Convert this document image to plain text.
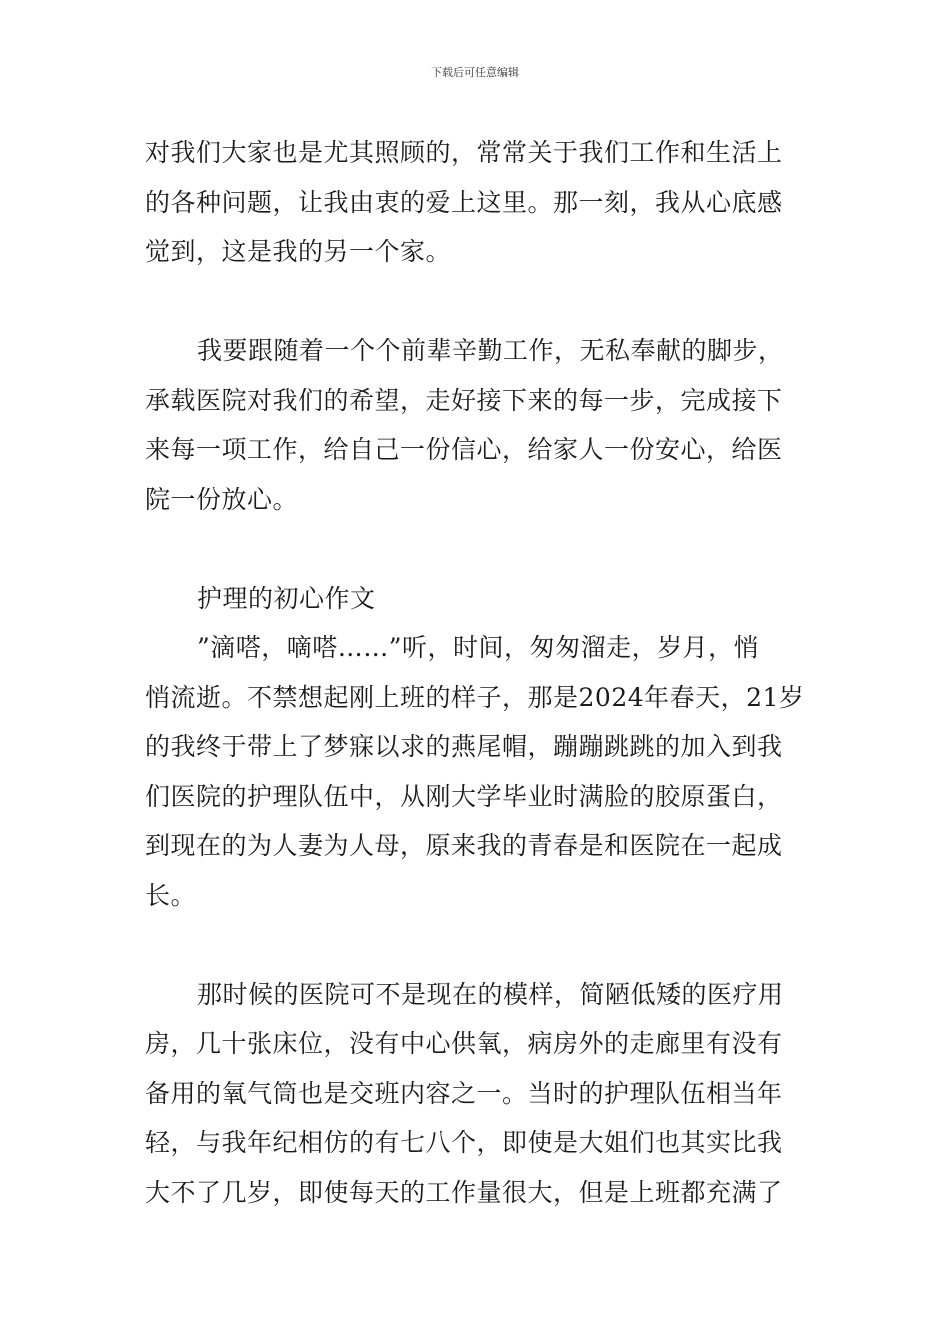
下载后可任意编辑
对我们大家也是尤其照顾的，常常关于我们工作和生活上
的各种问题，让我由衷的爱上这里。那一刻，我从心底感
觉到，这是我的另一个家。
我要跟随着一个个前辈辛勤工作，无私奉献的脚步，
承载医院对我们的希望，走好接下来的每一步，完成接下
来每一项工作，给自己一份信心，给家人一份安心，给医
院一份放心。
护理的初心作文
”滴嗒，嘀嗒……”听，时间，匆匆溜走，岁月，悄
悄流逝。不禁想起刚上班的样子，那是2024年春天，21岁
的我终于带上了梦寐以求的燕尾帽，蹦蹦跳跳的加入到我
们医院的护理队伍中，从刚大学毕业时满脸的胶原蛋白，
到现在的为人妻为人母，原来我的青春是和医院在一起成
长。
那时候的医院可不是现在的模样，简陋低矮的医疗用
房，几十张床位，没有中心供氧，病房外的走廊里有没有
备用的氧气筒也是交班内容之一。当时的护理队伍相当年
轻，与我年纪相仿的有七八个，即使是大姐们也其实比我
大不了几岁，即使每天的工作量很大，但是上班都充满了
